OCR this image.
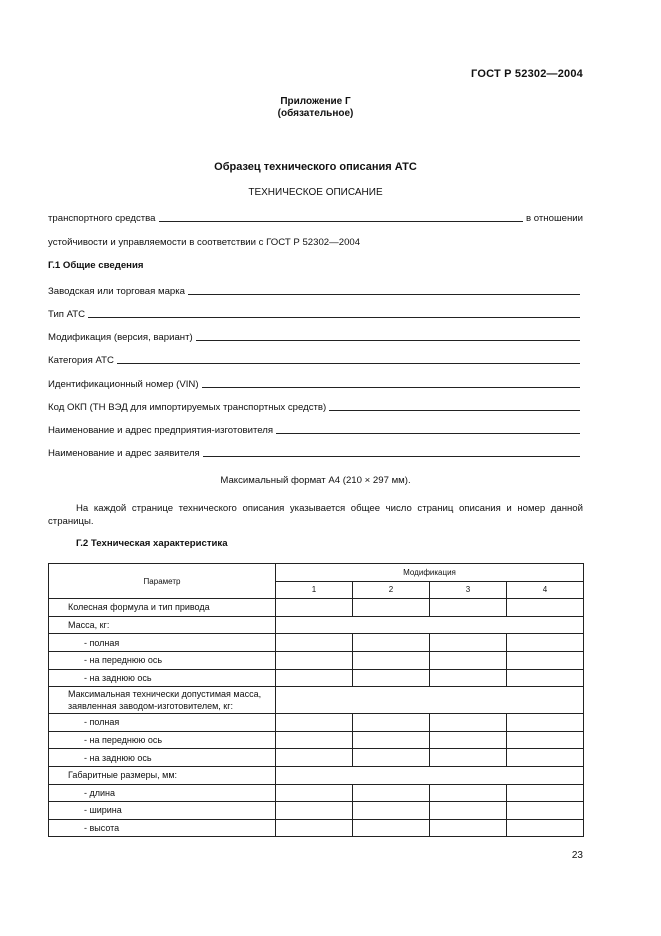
ГОСТ Р 52302—2004
Приложение Г
(обязательное)
Образец технического описания АТС
ТЕХНИЧЕСКОЕ ОПИСАНИЕ
транспортного средства	в отношении
устойчивости и управляемости в соответствии с ГОСТ Р 52302—2004
Г.1 Общие сведения
Заводская или торговая марка
Тип АТС
Модификация (версия, вариант)
Категория АТС
Идентификационный номер (VIN)
Код ОКП (ТН ВЭД для импортируемых транспортных средств)
Наименование и адрес предприятия-изготовителя
Наименование и адрес заявителя
Максимальный формат А4 (210 × 297 мм).
На каждой странице технического описания указывается общее число страниц описания и номер данной страницы.
Г.2 Техническая характеристика
Параметр	Модификация			
	1	2	3	4
Колесная формула и тип привода				
Масса, кг:				
- полная				
- на переднюю ось				
- на заднюю ось				
Максимальная технически допустимая масса, заявленная заводом-изготовителем, кг:				
- полная				
- на переднюю ось				
- на заднюю ось				
Габаритные размеры, мм:				
- длина				
- ширина				
- высота				
23
